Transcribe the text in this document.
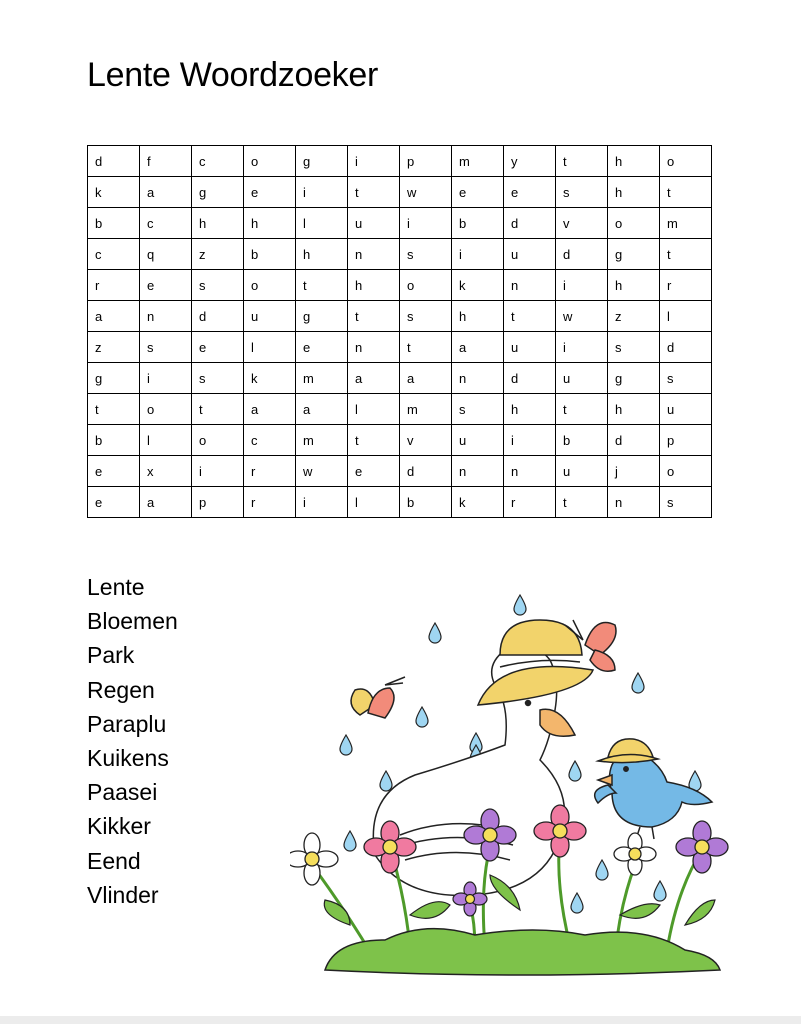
Lente Woordzoeker
d	f	c	o	g	i	p	m	y	t	h	o
k	a	g	e	i	t	w	e	e	s	h	t
b	c	h	h	l	u	i	b	d	v	o	m
c	q	z	b	h	n	s	i	u	d	g	t
r	e	s	o	t	h	o	k	n	i	h	r
a	n	d	u	g	t	s	h	t	w	z	l
z	s	e	l	e	n	t	a	u	i	s	d
g	i	s	k	m	a	a	n	d	u	g	s
t	o	t	a	a	l	m	s	h	t	h	u
b	l	o	c	m	t	v	u	i	b	d	p
e	x	i	r	w	e	d	n	n	u	j	o
e	a	p	r	i	l	b	k	r	t	n	s
Lente
Bloemen
Park
Regen
Paraplu
Kuikens
Paasei
Kikker
Eend
Vlinder
